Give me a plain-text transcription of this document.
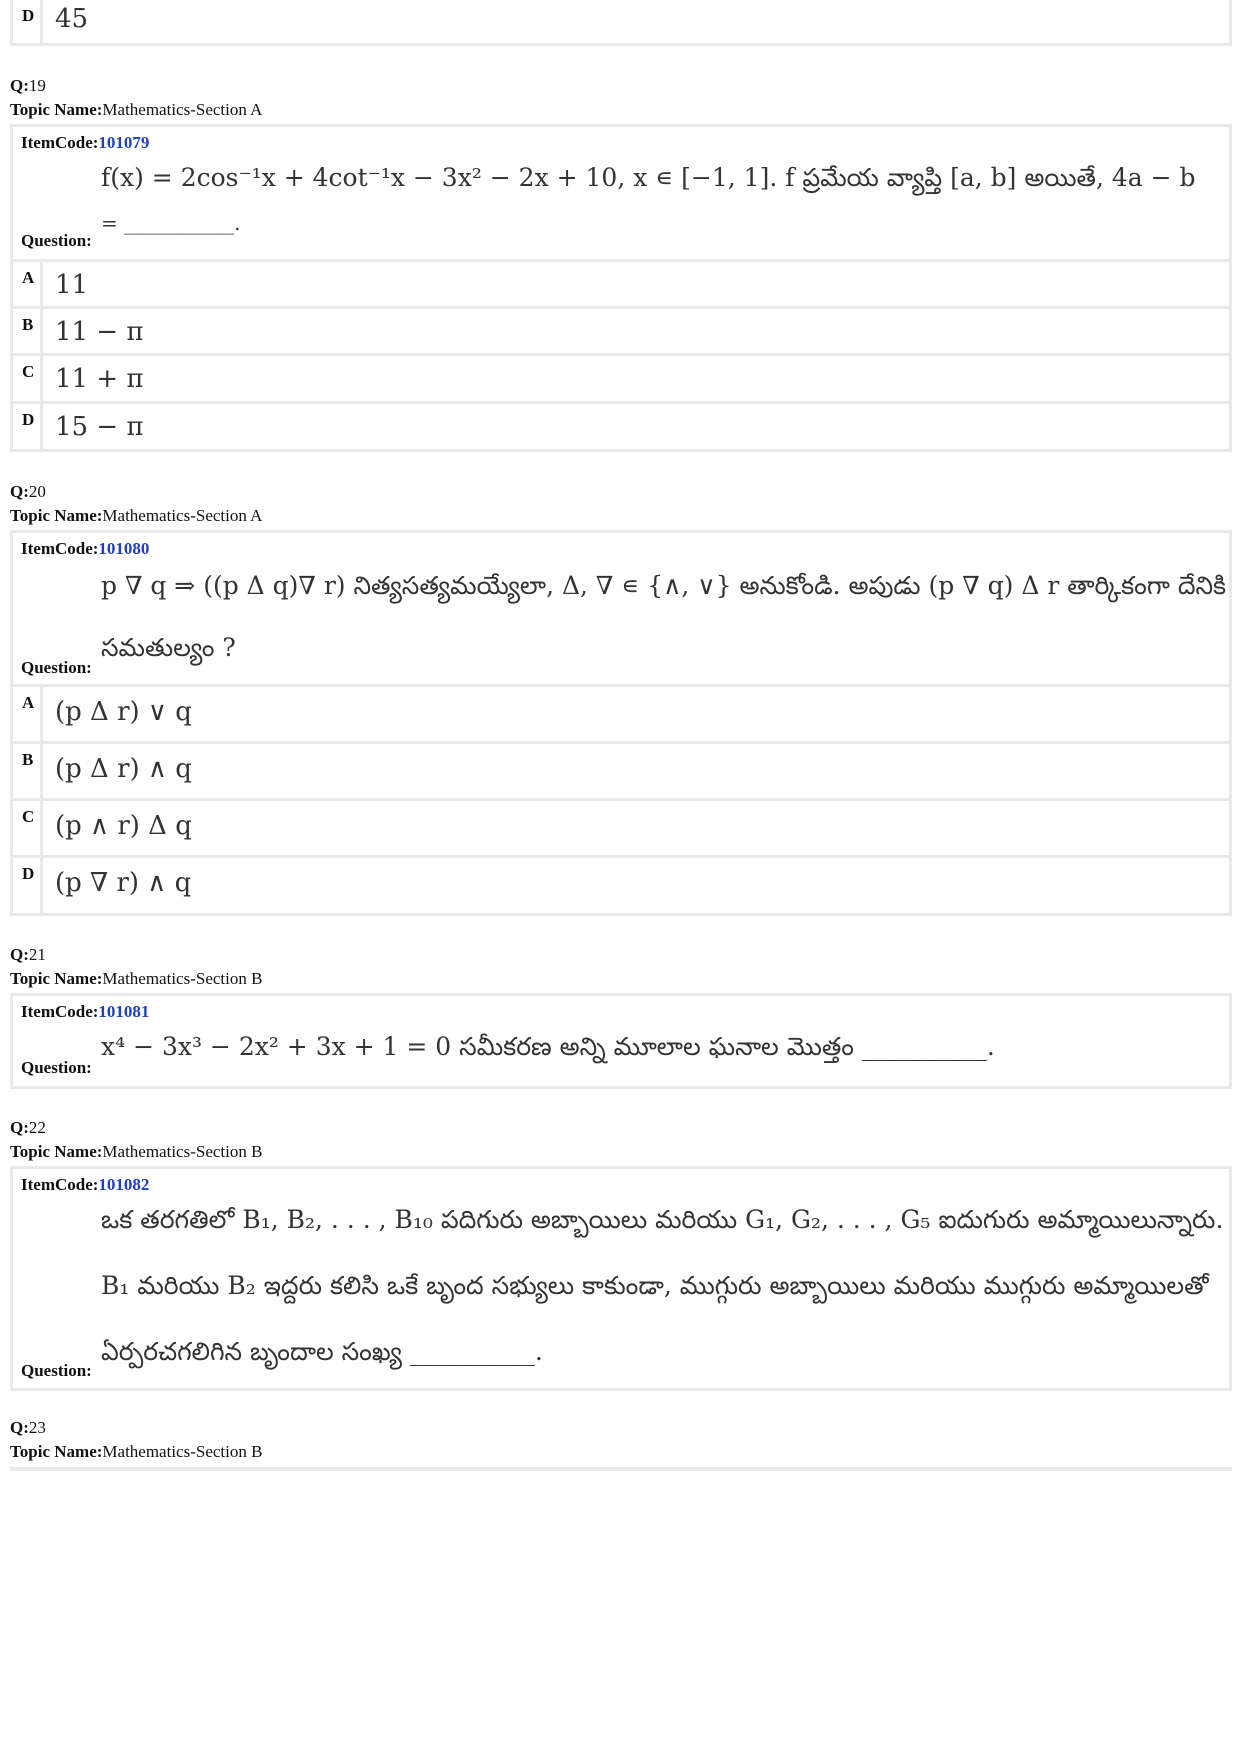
D 45
Q:19
Topic Name:Mathematics-Section A
ItemCode:101079
f(x) = 2cos⁻¹x + 4cot⁻¹x − 3x² − 2x + 10, x ∊ [−1, 1]. f ప్రమేయ వ్యాప్తి [a, b] అయితే, 4a − b
= ___________.
Question:
A 11
B 11 − π
C 11 + π
D 15 − π
Q:20
Topic Name:Mathematics-Section A
ItemCode:101080
p ∇ q ⇒ ((p Δ q)∇ r) నిత్యసత్యమయ్యేలా, Δ, ∇ ∊ {∧, ∨} అనుకోండి. అపుడు (p ∇ q) Δ r తార్కికంగా దేనికి
సమతుల్యం ?
Question:
A (p Δ r) ∨ q
B (p Δ r) ∧ q
C (p ∧ r) Δ q
D (p ∇ r) ∧ q
Q:21
Topic Name:Mathematics-Section B
ItemCode:101081
x⁴ − 3x³ − 2x² + 3x + 1 = 0 సమీకరణ అన్ని మూలాల ఘనాల మొత్తం __________.
Question:
Q:22
Topic Name:Mathematics-Section B
ItemCode:101082
ఒక తరగతిలో B₁, B₂, . . . , B₁₀ పదిగురు అబ్బాయిలు మరియు G₁, G₂, . . . , G₅ ఐదుగురు అమ్మాయిలున్నారు.
B₁ మరియు B₂ ఇద్దరు కలిసి ఒకే బృంద సభ్యులు కాకుండా, ముగ్గురు అబ్బాయిలు మరియు ముగ్గురు అమ్మాయిలతో
ఏర్పరచగలిగిన బృందాల సంఖ్య __________.
Question:
Q:23
Topic Name:Mathematics-Section B
